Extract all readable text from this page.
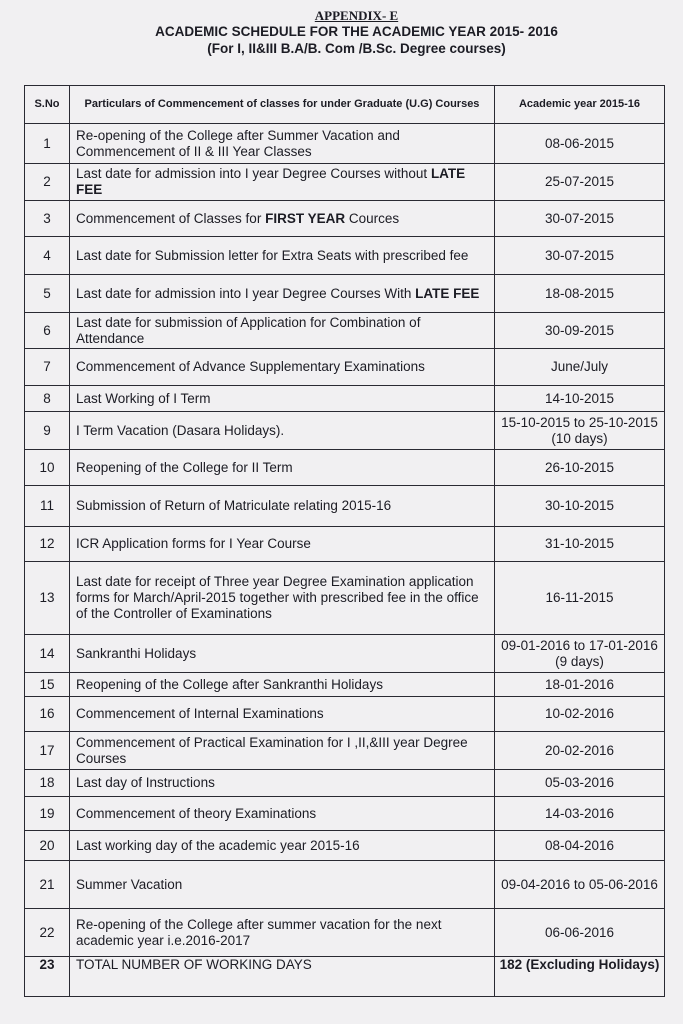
APPENDIX- E
ACADEMIC SCHEDULE FOR THE ACADEMIC YEAR 2015- 2016
(For I, II&III B.A/B. Com /B.Sc. Degree courses)
S.No	Particulars of Commencement of classes for under Graduate (U.G) Courses	Academic year 2015-16
1	Re-opening of the College after Summer Vacation and Commencement of II & III Year Classes	08-06-2015
2	Last date for admission into I year Degree Courses without LATE FEE	25-07-2015
3	Commencement of Classes for FIRST YEAR Cources	30-07-2015
4	Last date for Submission letter for Extra Seats with prescribed fee	30-07-2015
5	Last date for admission into I year Degree Courses With LATE FEE	18-08-2015
6	Last date for submission of Application for Combination of Attendance	30-09-2015
7	Commencement of Advance Supplementary Examinations	June/July
8	Last Working of I Term	14-10-2015
9	I Term Vacation (Dasara Holidays).	15-10-2015 to 25-10-2015 (10 days)
10	Reopening of the College for II Term	26-10-2015
11	Submission of Return of Matriculate relating 2015-16	30-10-2015
12	ICR Application forms for I Year Course	31-10-2015
13	Last date for receipt of Three year Degree Examination application forms for March/April-2015 together with prescribed fee in the office of the Controller of Examinations	16-11-2015
14	Sankranthi Holidays	09-01-2016 to 17-01-2016 (9 days)
15	Reopening of the College after Sankranthi Holidays	18-01-2016
16	Commencement of Internal Examinations	10-02-2016
17	Commencement of Practical Examination for I ,II,&III year Degree Courses	20-02-2016
18	Last day of Instructions	05-03-2016
19	Commencement of theory Examinations	14-03-2016
20	Last working day of the academic year 2015-16	08-04-2016
21	Summer Vacation	09-04-2016 to 05-06-2016
22	Re-opening of the College after summer vacation for the next academic year i.e.2016-2017	06-06-2016
23	TOTAL NUMBER OF WORKING DAYS	182 (Excluding Holidays)
